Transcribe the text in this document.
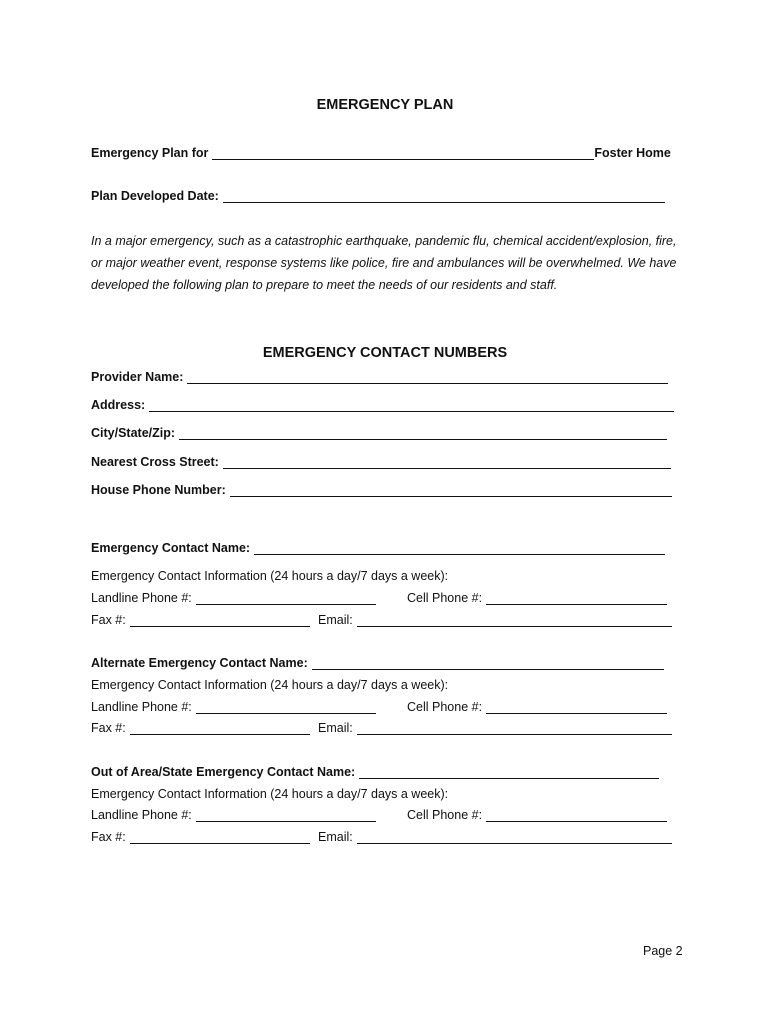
EMERGENCY PLAN
Emergency Plan for	Foster Home
Plan Developed Date:

In a major emergency, such as a catastrophic earthquake, pandemic flu, chemical accident/explosion, fire, or major weather event, response systems like police, fire and ambulances will be overwhelmed. We have developed the following plan to prepare to meet the needs of our residents and staff.

EMERGENCY CONTACT NUMBERS
Provider Name:
Address:
City/State/Zip:
Nearest Cross Street:
House Phone Number:
Emergency Contact Name:
Emergency Contact Information (24 hours a day/7 days a week):
Landline Phone #:	Cell Phone #:
Fax #:	Email:
Alternate Emergency Contact Name:
Emergency Contact Information (24 hours a day/7 days a week):
Landline Phone #:	Cell Phone #:
Fax #:	Email:
Out of Area/State Emergency Contact Name:
Emergency Contact Information (24 hours a day/7 days a week):
Landline Phone #:	Cell Phone #:
Fax #:	Email:
Page 2
